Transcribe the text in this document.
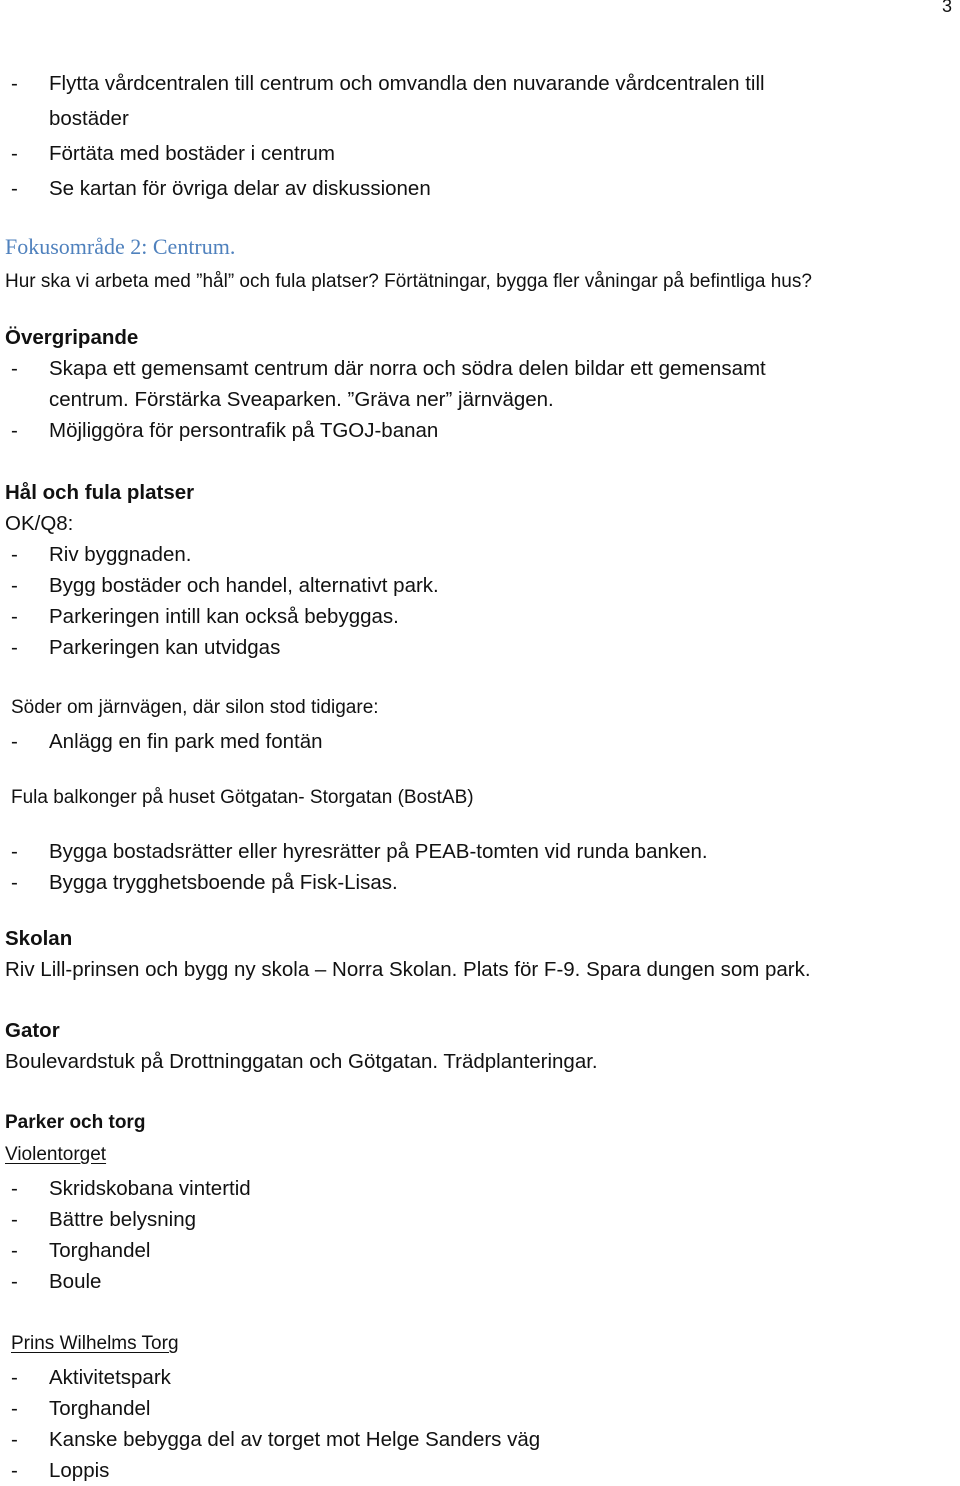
3
- Flytta vårdcentralen till centrum och omvandla den nuvarande vårdcentralen till
bostäder
- Förtäta med bostäder i centrum
- Se kartan för övriga delar av diskussionen
Fokusområde 2: Centrum.
Hur ska vi arbeta med ”hål” och fula platser? Förtätningar, bygga fler våningar på befintliga hus?
Övergripande
- Skapa ett gemensamt centrum där norra och södra delen bildar ett gemensamt
centrum. Förstärka Sveaparken. ”Gräva ner” järnvägen.
- Möjliggöra för persontrafik på TGOJ-banan
Hål och fula platser
OK/Q8:
- Riv byggnaden.
- Bygg bostäder och handel, alternativt park.
- Parkeringen intill kan också bebyggas.
- Parkeringen kan utvidgas
Söder om järnvägen, där silon stod tidigare:
- Anlägg en fin park med fontän
Fula balkonger på huset Götgatan- Storgatan (BostAB)
- Bygga bostadsrätter eller hyresrätter på PEAB-tomten vid runda banken.
- Bygga trygghetsboende på Fisk-Lisas.
Skolan
Riv Lill-prinsen och bygg ny skola – Norra Skolan. Plats för F-9. Spara dungen som park.
Gator
Boulevardstuk på Drottninggatan och Götgatan. Trädplanteringar.
Parker och torg
Violentorget
- Skridskobana vintertid
- Bättre belysning
- Torghandel
- Boule
Prins Wilhelms Torg
- Aktivitetspark
- Torghandel
- Kanske bebygga del av torget mot Helge Sanders väg
- Loppis
